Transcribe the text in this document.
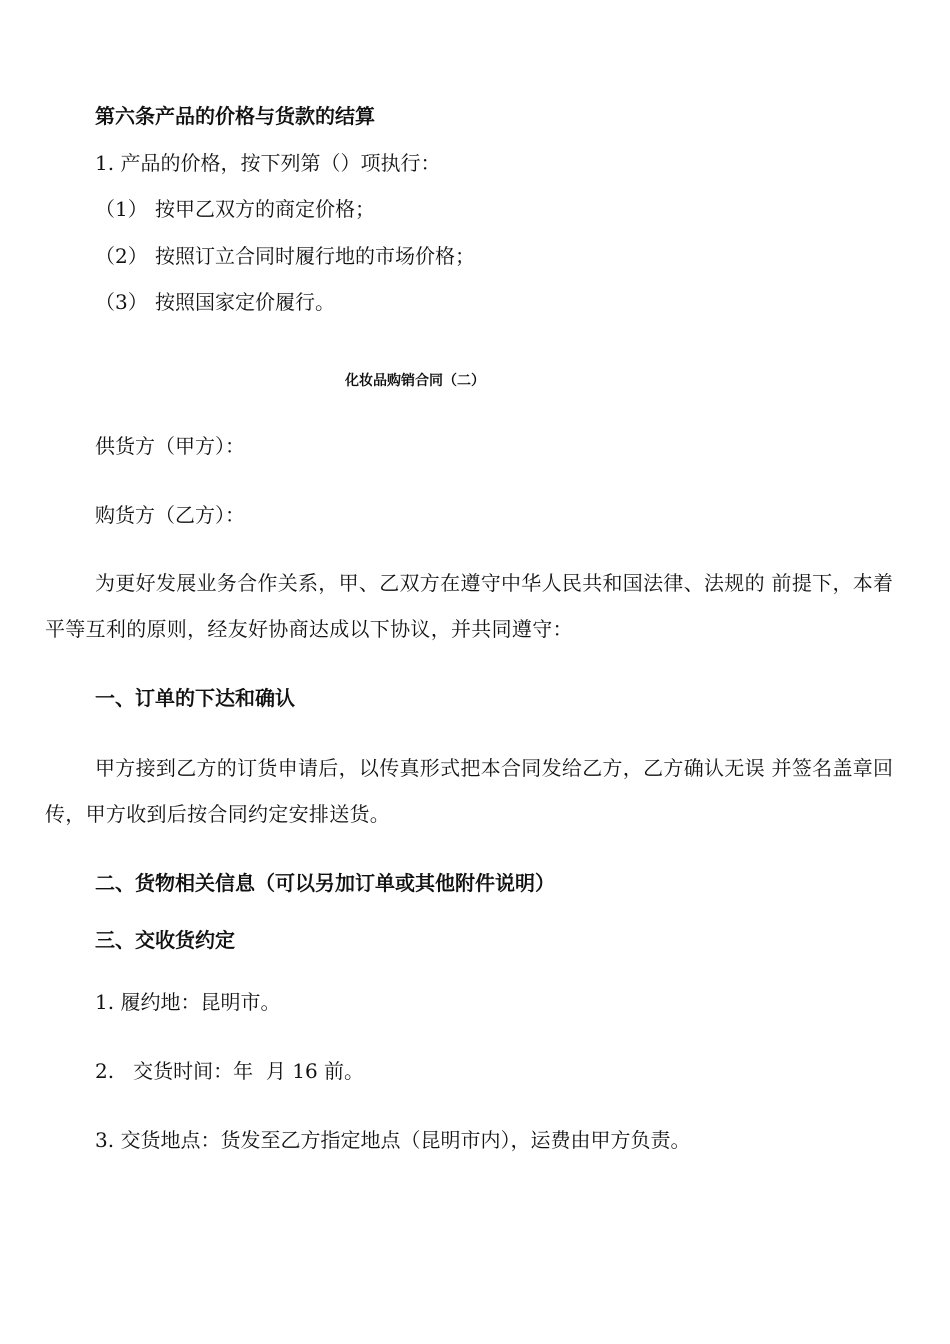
第六条产品的价格与货款的结算
1. 产品的价格，按下列第（）项执行：
（1） 按甲乙双方的商定价格；
（2） 按照订立合同时履行地的市场价格；
（3） 按照国家定价履行。
化妆品购销合同（二）
供货方（甲方）：
购货方（乙方）：
为更好发展业务合作关系，甲、乙双方在遵守中华人民共和国法律、法规的 前提下，本着平等互利的原则，经友好协商达成以下协议，并共同遵守：
一、订单的下达和确认
甲方接到乙方的订货申请后，以传真形式把本合同发给乙方，乙方确认无误 并签名盖章回传，甲方收到后按合同约定安排送货。
二、货物相关信息（可以另加订单或其他附件说明）
三、交收货约定
1. 履约地：昆明市。
2.   交货时间：年  月 16 前。
3. 交货地点：货发至乙方指定地点（昆明市内），运费由甲方负责。
